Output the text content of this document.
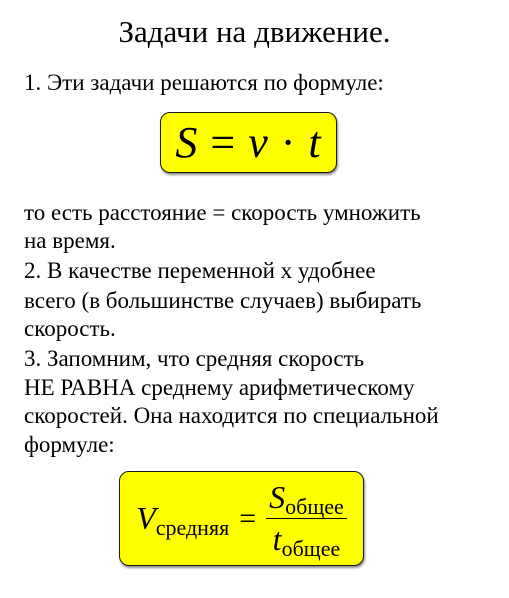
Задачи на движение.
1. Эти задачи решаются по формуле:
S = v · t
то есть расстояние = скорость умножить
на время.
2. В качестве переменной х удобнее
всего (в большинстве случаев) выбирать
скорость.
3. Запомним, что средняя скорость
НЕ РАВНА среднему арифметическому
скоростей. Она находится по специальной
формуле:
Vсредняя = $\frac{\text{Sобщее}}{\text{tобщее}}$
